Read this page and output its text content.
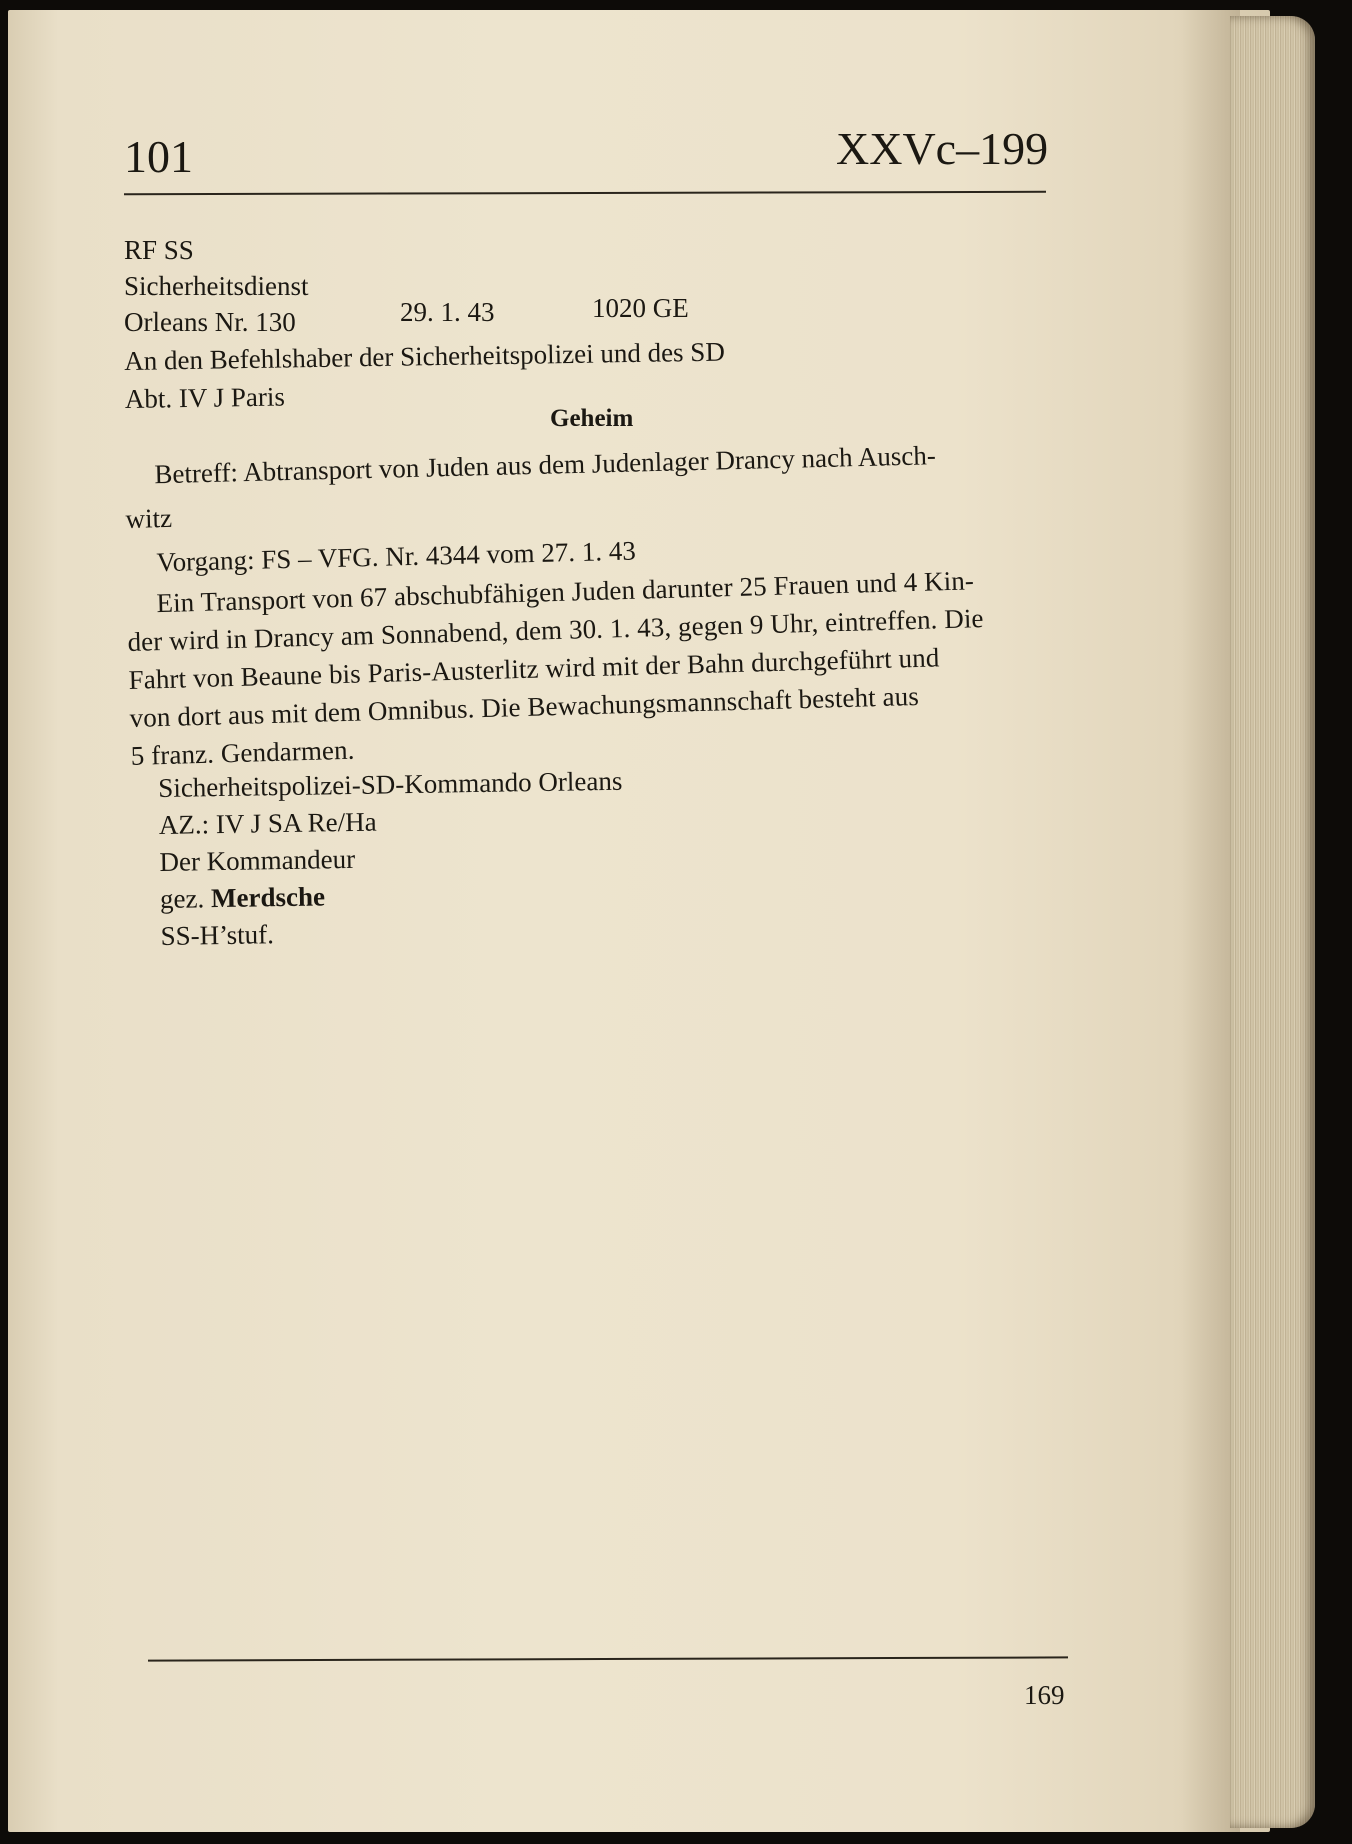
101	XXVc–199
RF SS
Sicherheitsdienst
Orleans Nr. 130	29. 1. 43	1020 GE
An den Befehlshaber der Sicherheitspolizei und des SD
Abt. IV J Paris
Geheim
Betreff: Abtransport von Juden aus dem Judenlager Drancy nach Ausch-
witz
Vorgang: FS – VFG. Nr. 4344 vom 27. 1. 43
Ein Transport von 67 abschubfähigen Juden darunter 25 Frauen und 4 Kin-
der wird in Drancy am Sonnabend, dem 30. 1. 43, gegen 9 Uhr, eintreffen. Die
Fahrt von Beaune bis Paris-Austerlitz wird mit der Bahn durchgeführt und
von dort aus mit dem Omnibus. Die Bewachungsmannschaft besteht aus
5 franz. Gendarmen.
Sicherheitspolizei-SD-Kommando Orleans
AZ.: IV J SA Re/Ha
Der Kommandeur
gez. Merdsche
SS-H’stuf.
169
